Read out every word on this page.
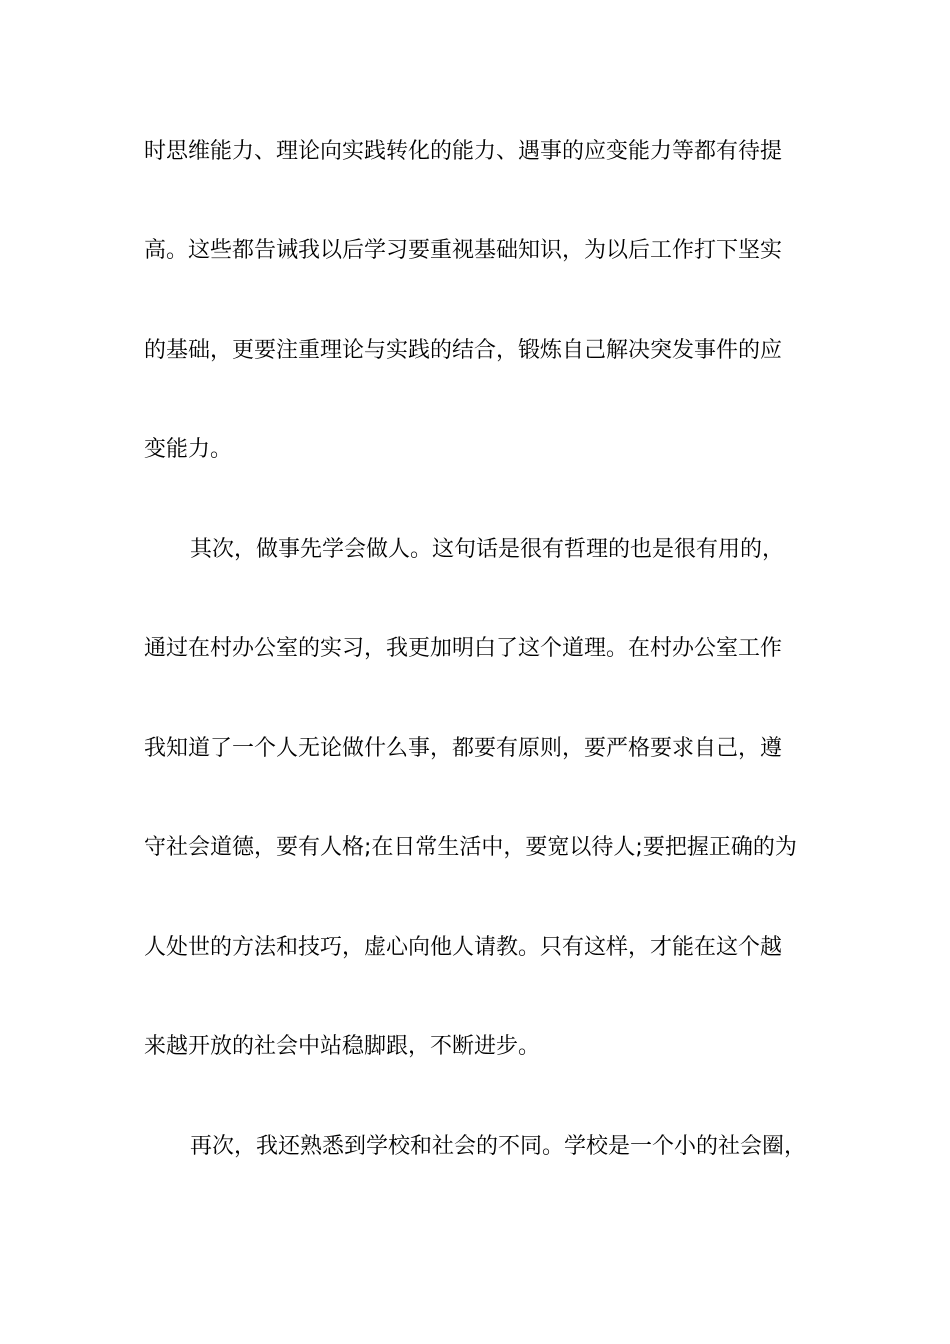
时思维能力、理论向实践转化的能力、遇事的应变能力等都有待提
高。这些都告诫我以后学习要重视基础知识，为以后工作打下坚实
的基础，更要注重理论与实践的结合，锻炼自己解决突发事件的应
变能力。
其次，做事先学会做人。这句话是很有哲理的也是很有用的，
通过在村办公室的实习，我更加明白了这个道理。在村办公室工作
我知道了一个人无论做什么事，都要有原则，要严格要求自己，遵
守社会道德，要有人格;在日常生活中，要宽以待人;要把握正确的为
人处世的方法和技巧，虚心向他人请教。只有这样，才能在这个越
来越开放的社会中站稳脚跟，不断进步。
再次，我还熟悉到学校和社会的不同。学校是一个小的社会圈，
